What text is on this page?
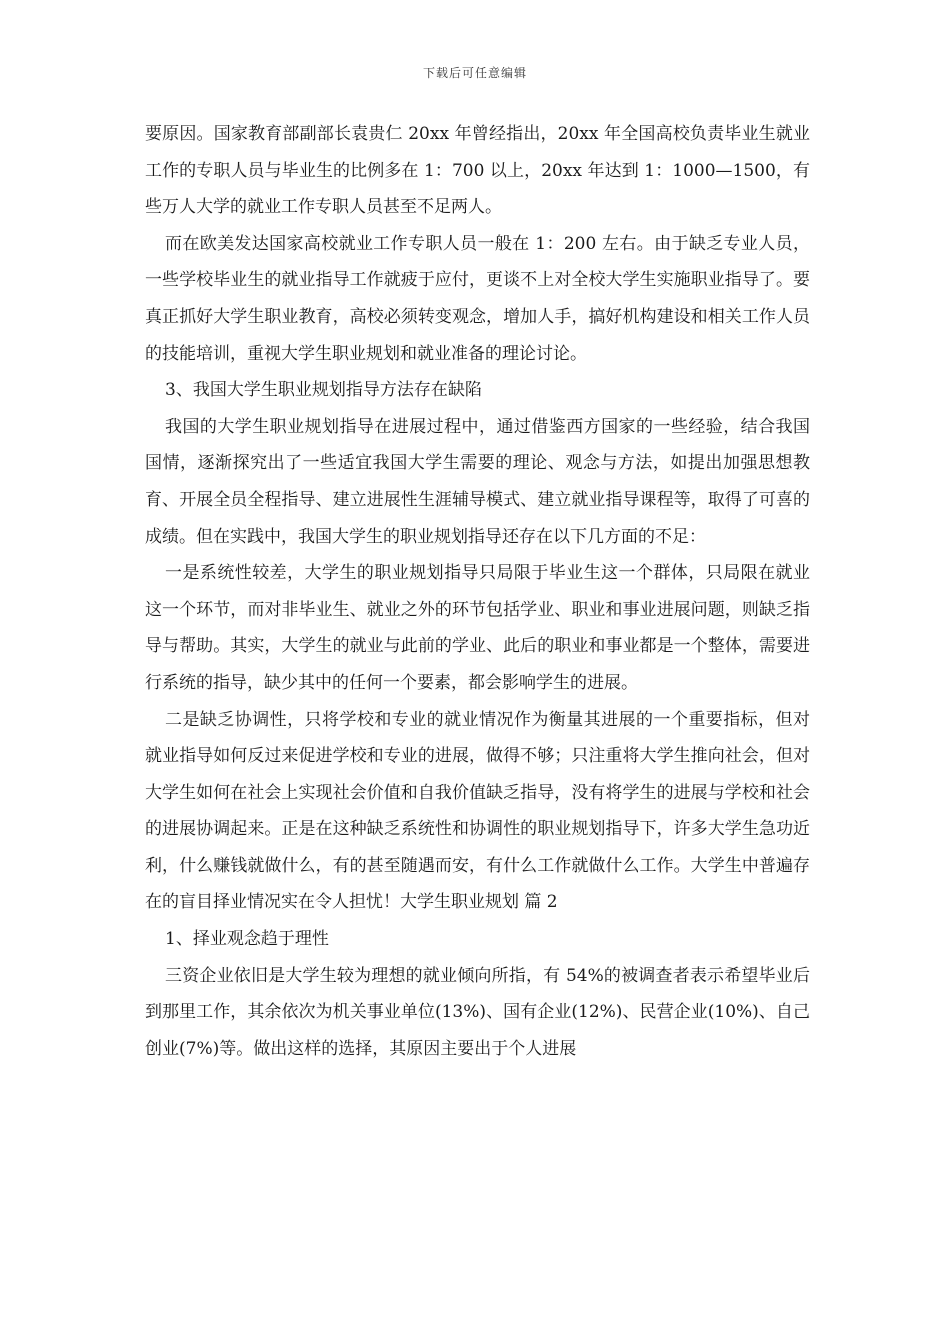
下载后可任意编辑

要原因。国家教育部副部长袁贵仁 20xx 年曾经指出，20xx 年全国高校负责毕业生就业工作的专职人员与毕业生的比例多在 1：700 以上，20xx 年达到 1：1000—1500，有些万人大学的就业工作专职人员甚至不足两人。

而在欧美发达国家高校就业工作专职人员一般在 1：200 左右。由于缺乏专业人员，一些学校毕业生的就业指导工作就疲于应付，更谈不上对全校大学生实施职业指导了。要真正抓好大学生职业教育，高校必须转变观念，增加人手，搞好机构建设和相关工作人员的技能培训，重视大学生职业规划和就业准备的理论讨论。

3、我国大学生职业规划指导方法存在缺陷

我国的大学生职业规划指导在进展过程中，通过借鉴西方国家的一些经验，结合我国国情，逐渐探究出了一些适宜我国大学生需要的理论、观念与方法，如提出加强思想教育、开展全员全程指导、建立进展性生涯辅导模式、建立就业指导课程等，取得了可喜的成绩。但在实践中，我国大学生的职业规划指导还存在以下几方面的不足：

一是系统性较差，大学生的职业规划指导只局限于毕业生这一个群体，只局限在就业这一个环节，而对非毕业生、就业之外的环节包括学业、职业和事业进展问题，则缺乏指导与帮助。其实，大学生的就业与此前的学业、此后的职业和事业都是一个整体，需要进行系统的指导，缺少其中的任何一个要素，都会影响学生的进展。

二是缺乏协调性，只将学校和专业的就业情况作为衡量其进展的一个重要指标，但对就业指导如何反过来促进学校和专业的进展，做得不够；只注重将大学生推向社会，但对大学生如何在社会上实现社会价值和自我价值缺乏指导，没有将学生的进展与学校和社会的进展协调起来。正是在这种缺乏系统性和协调性的职业规划指导下，许多大学生急功近利，什么赚钱就做什么，有的甚至随遇而安，有什么工作就做什么工作。大学生中普遍存在的盲目择业情况实在令人担忧！大学生职业规划 篇 2

1、择业观念趋于理性

三资企业依旧是大学生较为理想的就业倾向所指，有 54%的被调查者表示希望毕业后到那里工作，其余依次为机关事业单位(13%)、国有企业(12%)、民营企业(10%)、自己创业(7%)等。做出这样的选择，其原因主要出于个人进展
